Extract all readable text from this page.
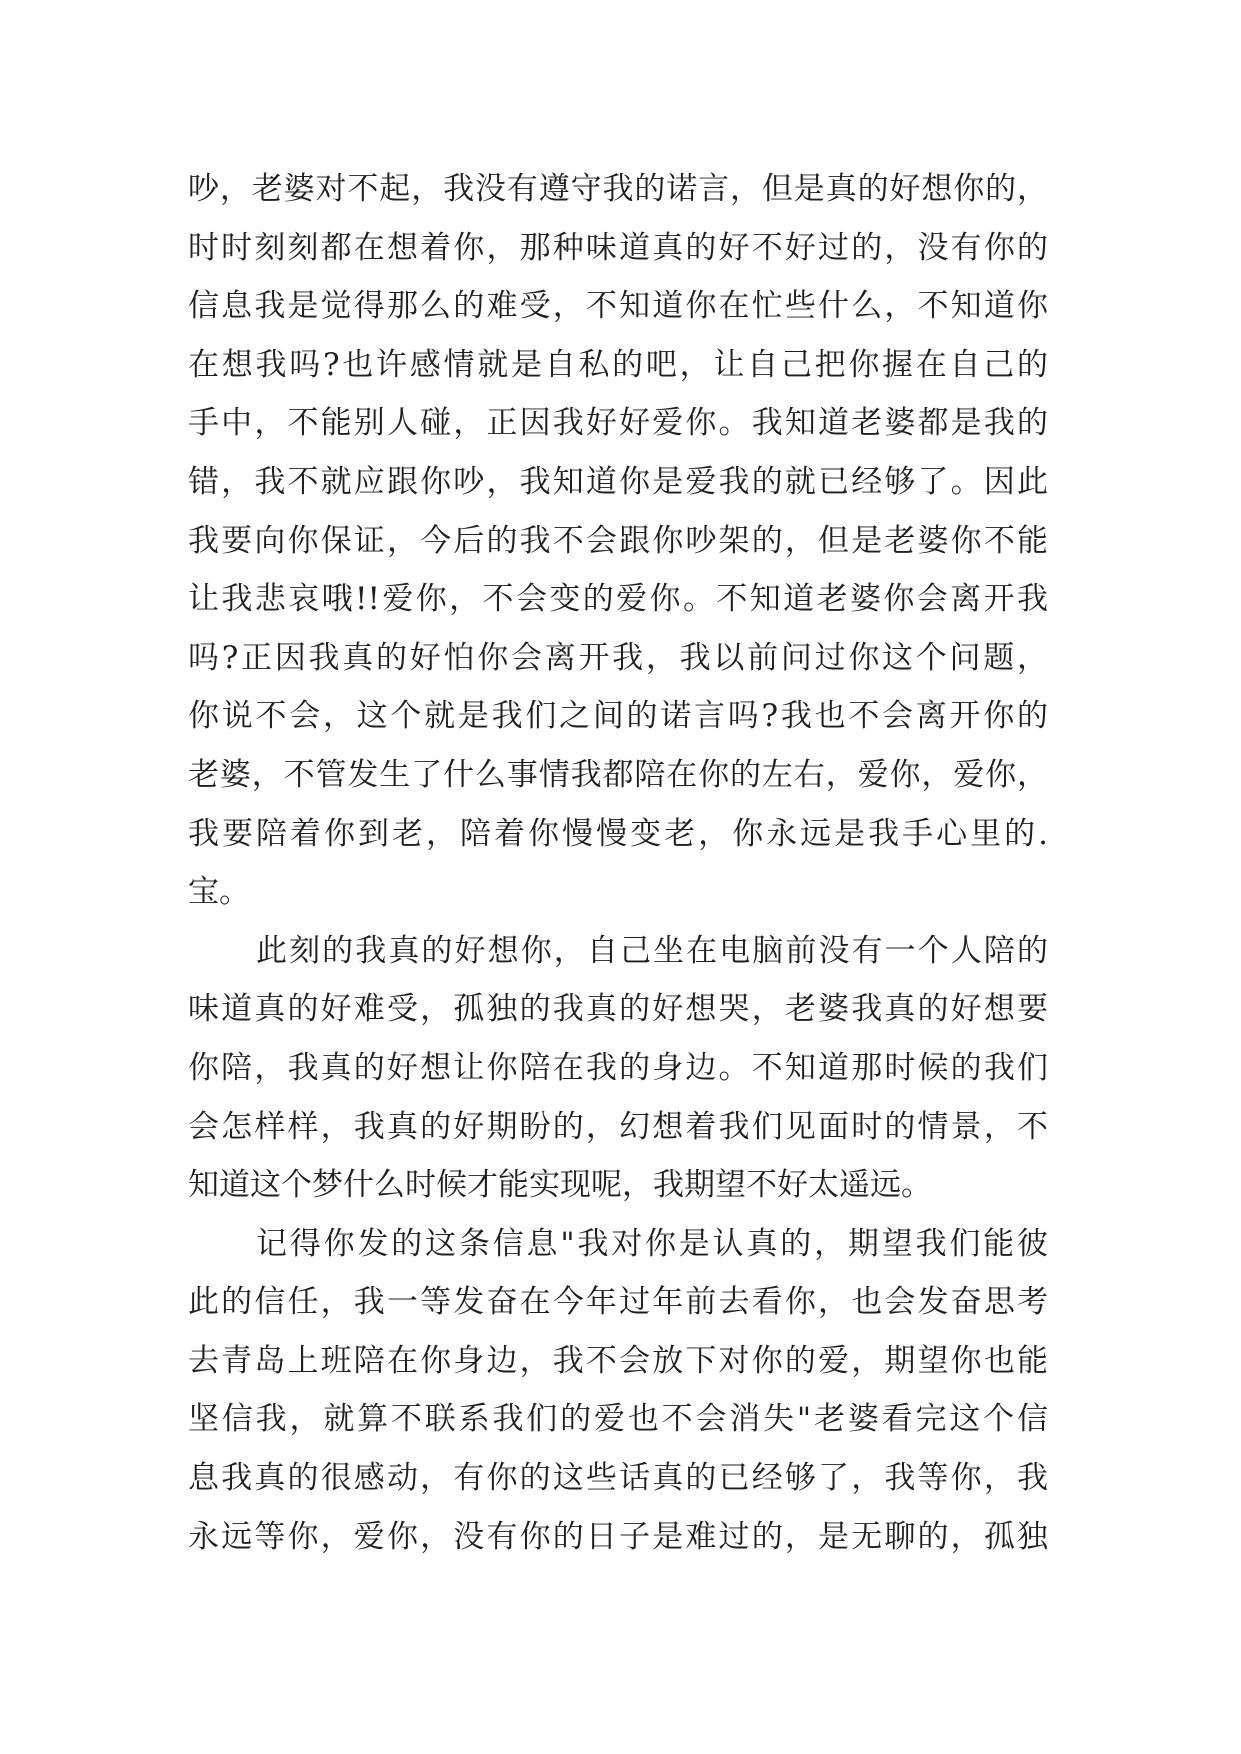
吵，老婆对不起，我没有遵守我的诺言，但是真的好想你的，
时时刻刻都在想着你，那种味道真的好不好过的，没有你的
信息我是觉得那么的难受，不知道你在忙些什么，不知道你
在想我吗?也许感情就是自私的吧，让自己把你握在自己的
手中，不能别人碰，正因我好好爱你。我知道老婆都是我的
错，我不就应跟你吵，我知道你是爱我的就已经够了。因此
我要向你保证，今后的我不会跟你吵架的，但是老婆你不能
让我悲哀哦!!爱你，不会变的爱你。不知道老婆你会离开我
吗?正因我真的好怕你会离开我，我以前问过你这个问题，
你说不会，这个就是我们之间的诺言吗?我也不会离开你的
老婆，不管发生了什么事情我都陪在你的左右，爱你，爱你，
我要陪着你到老，陪着你慢慢变老，你永远是我手心里的.
宝。
此刻的我真的好想你，自己坐在电脑前没有一个人陪的
味道真的好难受，孤独的我真的好想哭，老婆我真的好想要
你陪，我真的好想让你陪在我的身边。不知道那时候的我们
会怎样样，我真的好期盼的，幻想着我们见面时的情景，不
知道这个梦什么时候才能实现呢，我期望不好太遥远。
记得你发的这条信息"我对你是认真的，期望我们能彼
此的信任，我一等发奋在今年过年前去看你，也会发奋思考
去青岛上班陪在你身边，我不会放下对你的爱，期望你也能
坚信我，就算不联系我们的爱也不会消失"老婆看完这个信
息我真的很感动，有你的这些话真的已经够了，我等你，我
永远等你，爱你，没有你的日子是难过的，是无聊的，孤独
